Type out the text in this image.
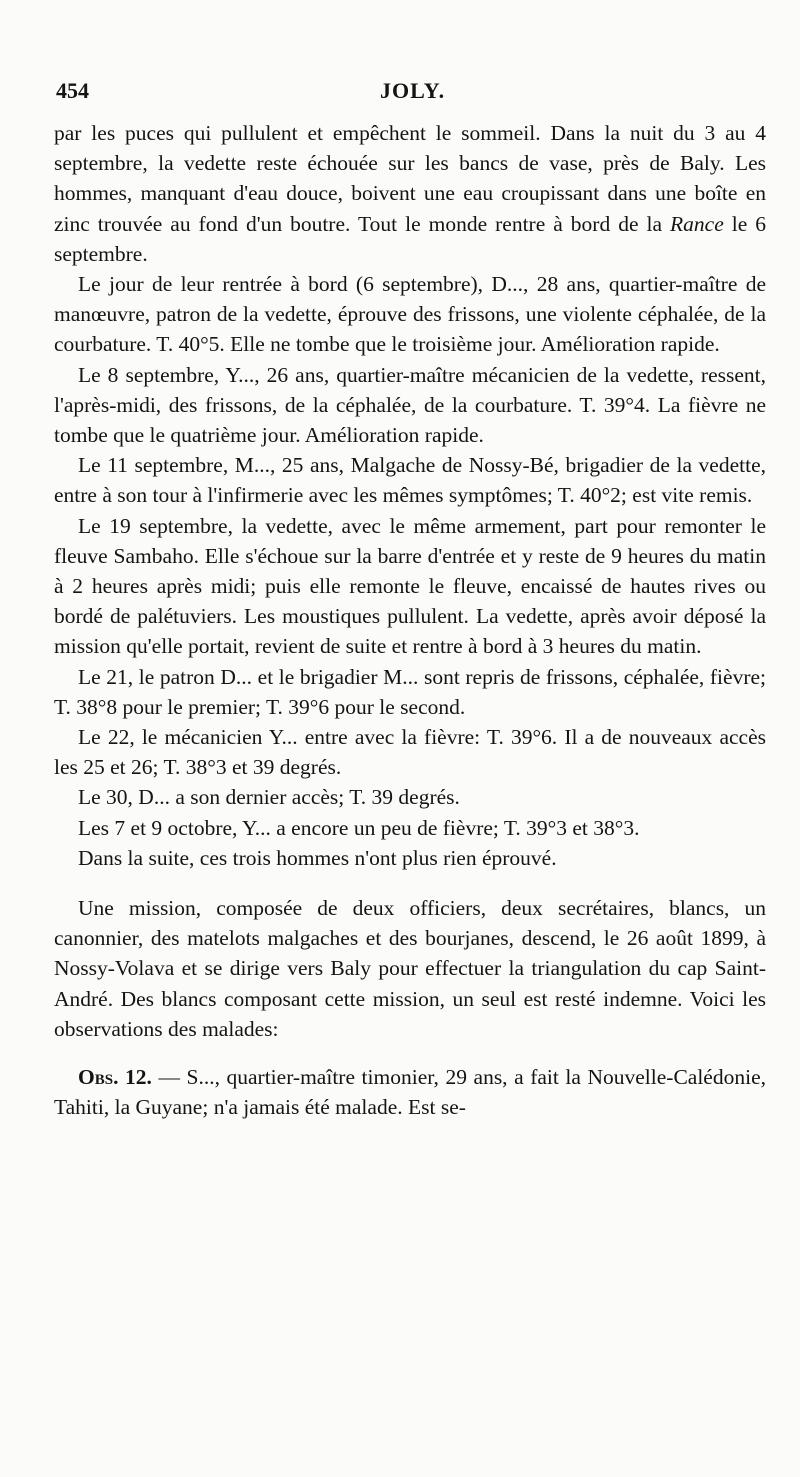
454	JOLY.

par les puces qui pullulent et empêchent le sommeil. Dans la nuit du 3 au 4 septembre, la vedette reste échouée sur les bancs de vase, près de Baly. Les hommes, manquant d'eau douce, boivent une eau croupissant dans une boîte en zinc trouvée au fond d'un boutre. Tout le monde rentre à bord de la Rance le 6 septembre.

Le jour de leur rentrée à bord (6 septembre), D..., 28 ans, quartier-maître de manœuvre, patron de la vedette, éprouve des frissons, une violente céphalée, de la courbature. T. 40°5. Elle ne tombe que le troisième jour. Amélioration rapide.

Le 8 septembre, Y..., 26 ans, quartier-maître mécanicien de la vedette, ressent, l'après-midi, des frissons, de la céphalée, de la courbature. T. 39°4. La fièvre ne tombe que le quatrième jour. Amélioration rapide.

Le 11 septembre, M..., 25 ans, Malgache de Nossy-Bé, brigadier de la vedette, entre à son tour à l'infirmerie avec les mêmes symptômes; T. 40°2; est vite remis.

Le 19 septembre, la vedette, avec le même armement, part pour remonter le fleuve Sambaho. Elle s'échoue sur la barre d'entrée et y reste de 9 heures du matin à 2 heures après midi; puis elle remonte le fleuve, encaissé de hautes rives ou bordé de palétuviers. Les moustiques pullulent. La vedette, après avoir déposé la mission qu'elle portait, revient de suite et rentre à bord à 3 heures du matin.

Le 21, le patron D... et le brigadier M... sont repris de frissons, céphalée, fièvre; T. 38°8 pour le premier; T. 39°6 pour le second.

Le 22, le mécanicien Y... entre avec la fièvre: T. 39°6. Il a de nouveaux accès les 25 et 26; T. 38°3 et 39 degrés.

Le 30, D... a son dernier accès; T. 39 degrés.

Les 7 et 9 octobre, Y... a encore un peu de fièvre; T. 39°3 et 38°3.

Dans la suite, ces trois hommes n'ont plus rien éprouvé.

Une mission, composée de deux officiers, deux secrétaires, blancs, un canonnier, des matelots malgaches et des bourjanes, descend, le 26 août 1899, à Nossy-Volava et se dirige vers Baly pour effectuer la triangulation du cap Saint-André. Des blancs composant cette mission, un seul est resté indemne. Voici les observations des malades:

Obs. 12. — S..., quartier-maître timonier, 29 ans, a fait la Nouvelle-Calédonie, Tahiti, la Guyane; n'a jamais été malade. Est se-
